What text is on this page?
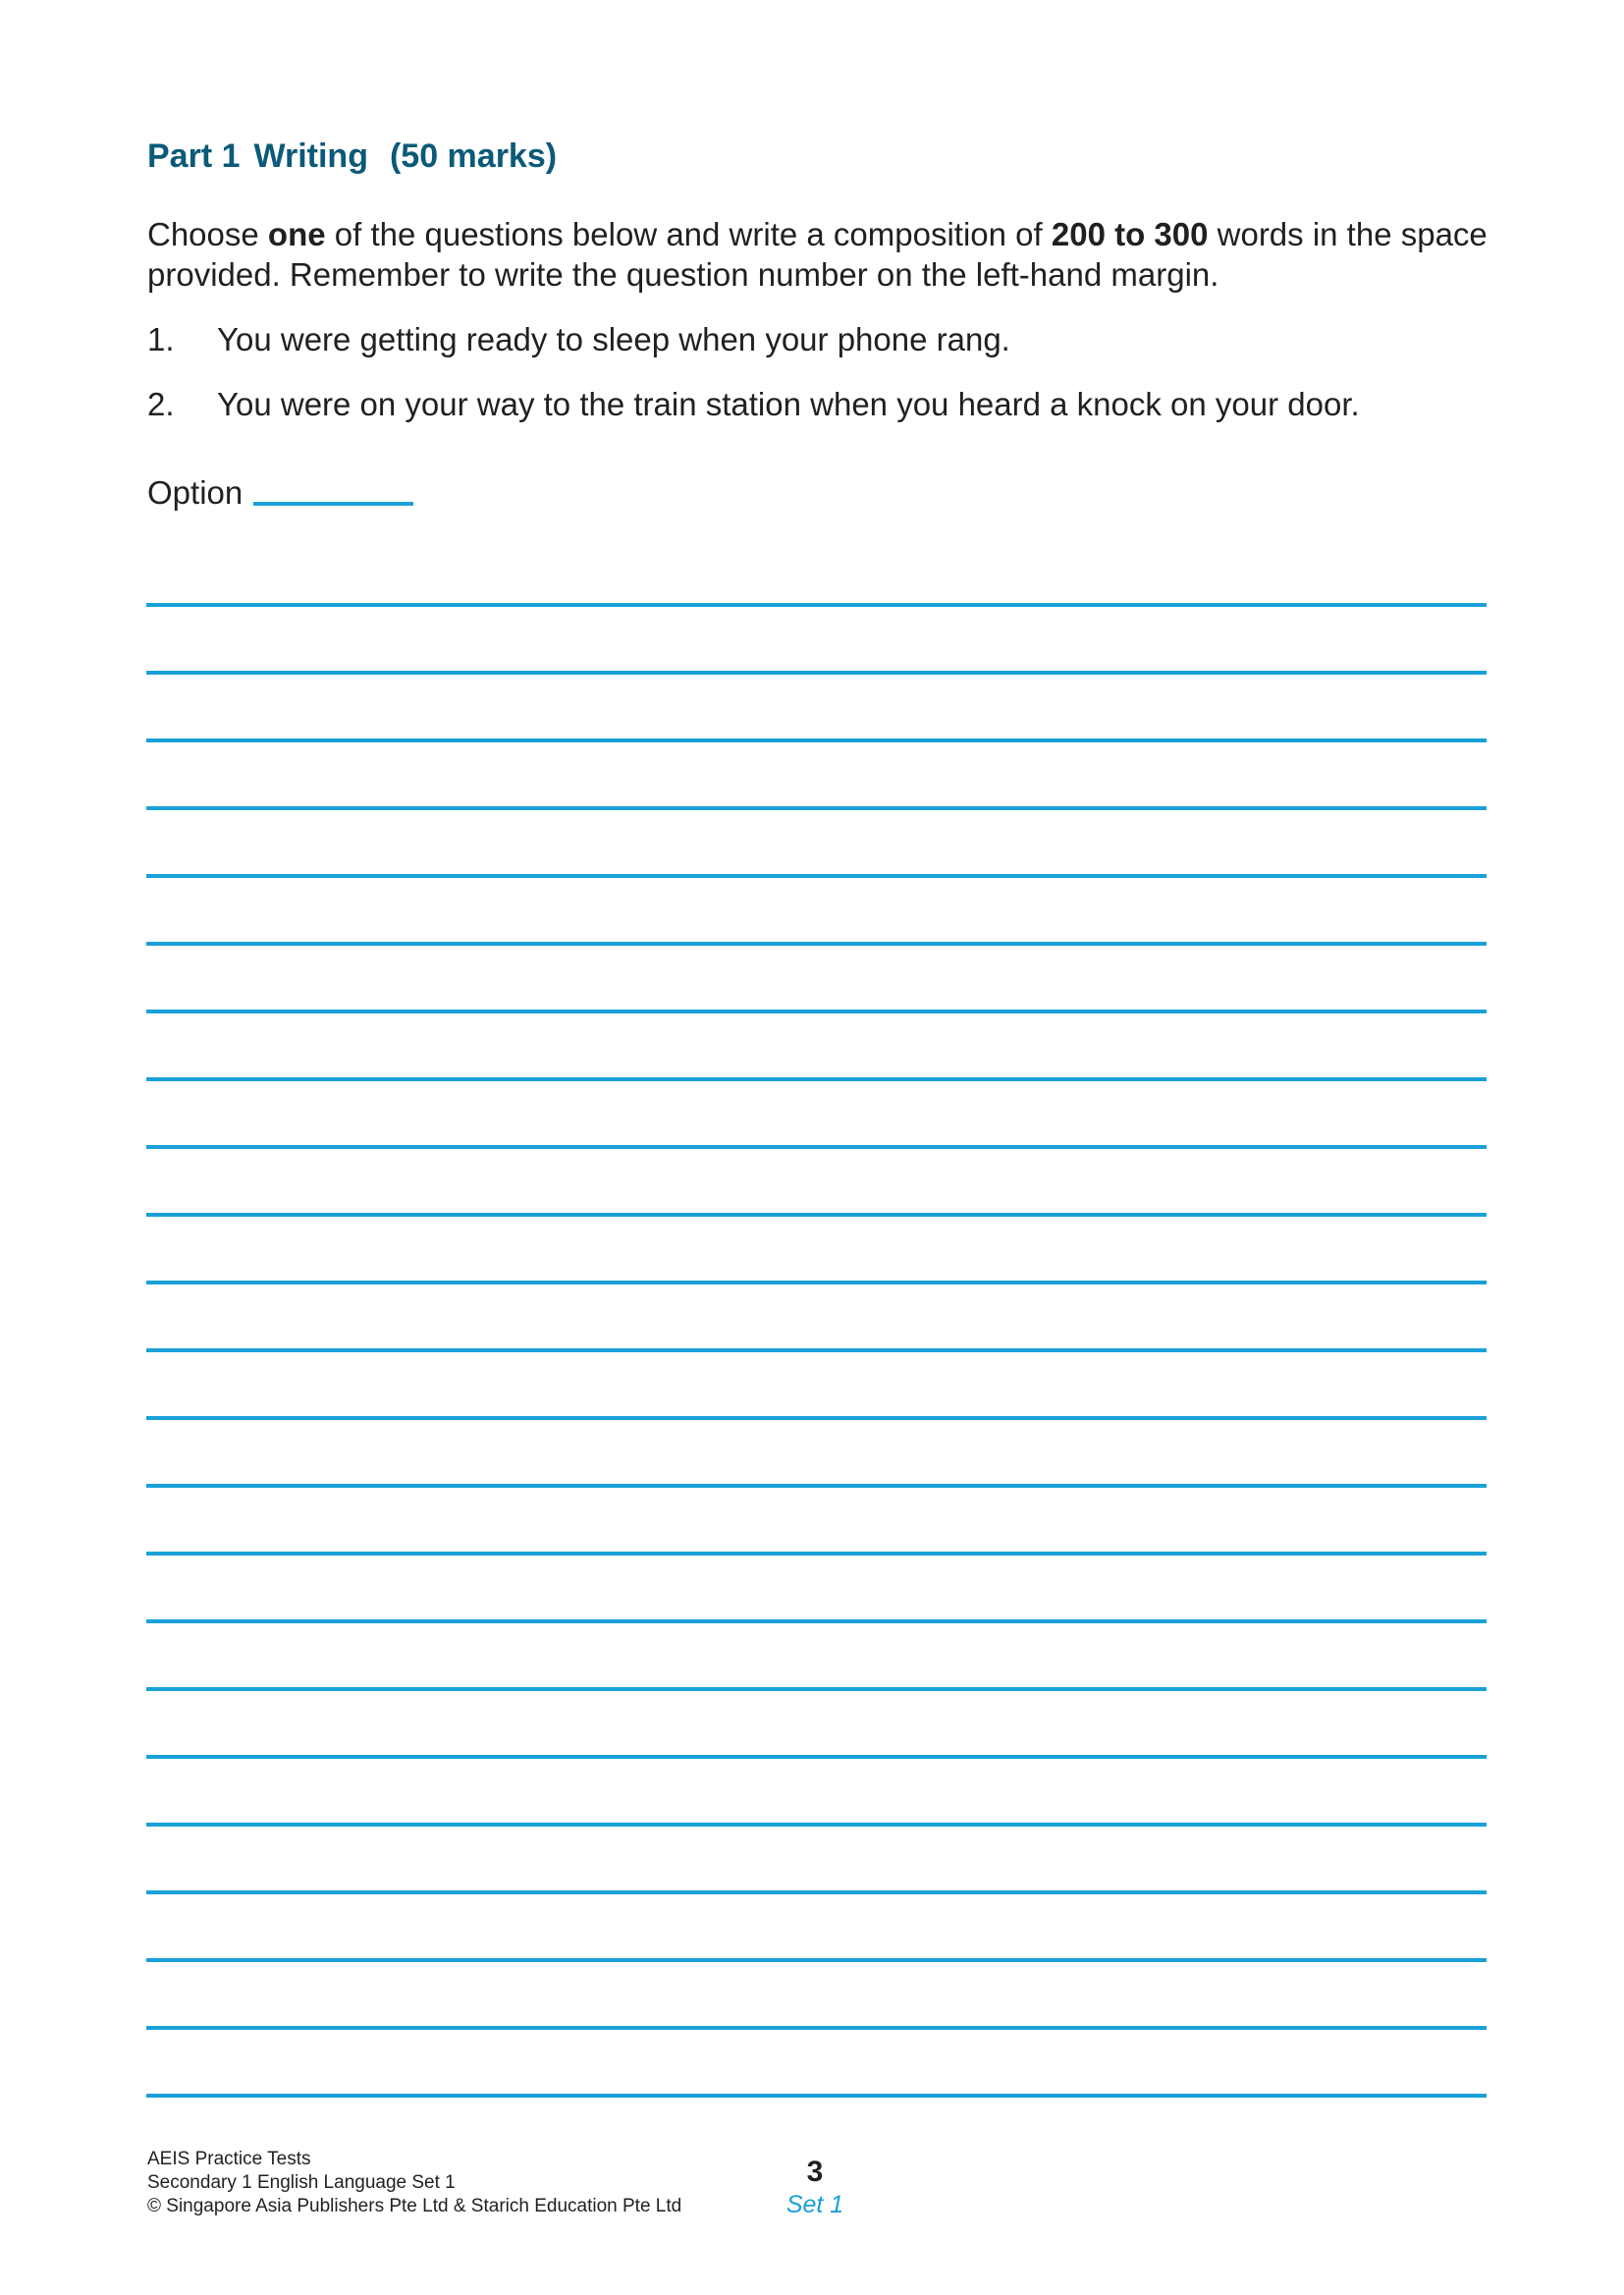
Part 1 Writing (50 marks)
Choose one of the questions below and write a composition of 200 to 300 words in the space provided. Remember to write the question number on the left-hand margin.
1. You were getting ready to sleep when your phone rang.
2. You were on your way to the train station when you heard a knock on your door.
Option
AEIS Practice Tests
Secondary 1 English Language Set 1
© Singapore Asia Publishers Pte Ltd & Starich Education Pte Ltd
3
Set 1
